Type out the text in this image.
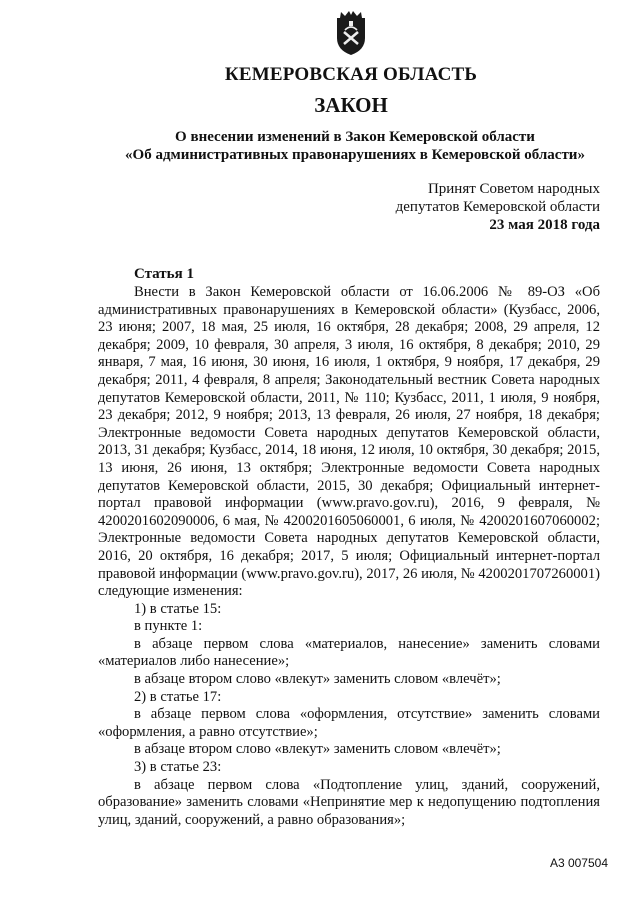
КЕМЕРОВСКАЯ ОБЛАСТЬ
ЗАКОН
О внесении изменений в Закон Кемеровской области
«Об административных правонарушениях в Кемеровской области»
Принят Советом народных
депутатов Кемеровской области
23 мая 2018 года
Статья 1

Внести в Закон Кемеровской области от 16.06.2006 № 89-ОЗ «Об административных правонарушениях в Кемеровской области» (Кузбасс, 2006, 23 июня; 2007, 18 мая, 25 июля, 16 октября, 28 декабря; 2008, 29 апреля, 12 декабря; 2009, 10 февраля, 30 апреля, 3 июля, 16 октября, 8 декабря; 2010, 29 января, 7 мая, 16 июня, 30 июня, 16 июля, 1 октября, 9 ноября, 17 декабря, 29 декабря; 2011, 4 февраля, 8 апреля; Законодательный вестник Совета народных депутатов Кемеровской области, 2011, № 110; Кузбасс, 2011, 1 июля, 9 ноября, 23 декабря; 2012, 9 ноября; 2013, 13 февраля, 26 июля, 27 ноября, 18 декабря; Электронные ведомости Совета народных депутатов Кемеровской области, 2013, 31 декабря; Кузбасс, 2014, 18 июня, 12 июля, 10 октября, 30 декабря; 2015, 13 июня, 26 июня, 13 октября; Электронные ведомости Совета народных депутатов Кемеровской области, 2015, 30 декабря; Официальный интернет-портал правовой информации (www.pravo.gov.ru), 2016, 9 февраля, № 4200201602090006, 6 мая, № 4200201605060001, 6 июля, № 4200201607060002; Электронные ведомости Совета народных депутатов Кемеровской области, 2016, 20 октября, 16 декабря; 2017, 5 июля; Официальный интернет-портал правовой информации (www.pravo.gov.ru), 2017, 26 июля, № 4200201707260001) следующие изменения:

1) в статье 15:

в пункте 1:

в абзаце первом слова «материалов, нанесение» заменить словами «материалов либо нанесение»;

в абзаце втором слово «влекут» заменить словом «влечёт»;

2) в статье 17:

в абзаце первом слова «оформления, отсутствие» заменить словами «оформления, а равно отсутствие»;

в абзаце втором слово «влекут» заменить словом «влечёт»;

3) в статье 23:

в абзаце первом слова «Подтопление улиц, зданий, сооружений, образование» заменить словами «Непринятие мер к недопущению подтопления улиц, зданий, сооружений, а равно образования»;

А3 007504
